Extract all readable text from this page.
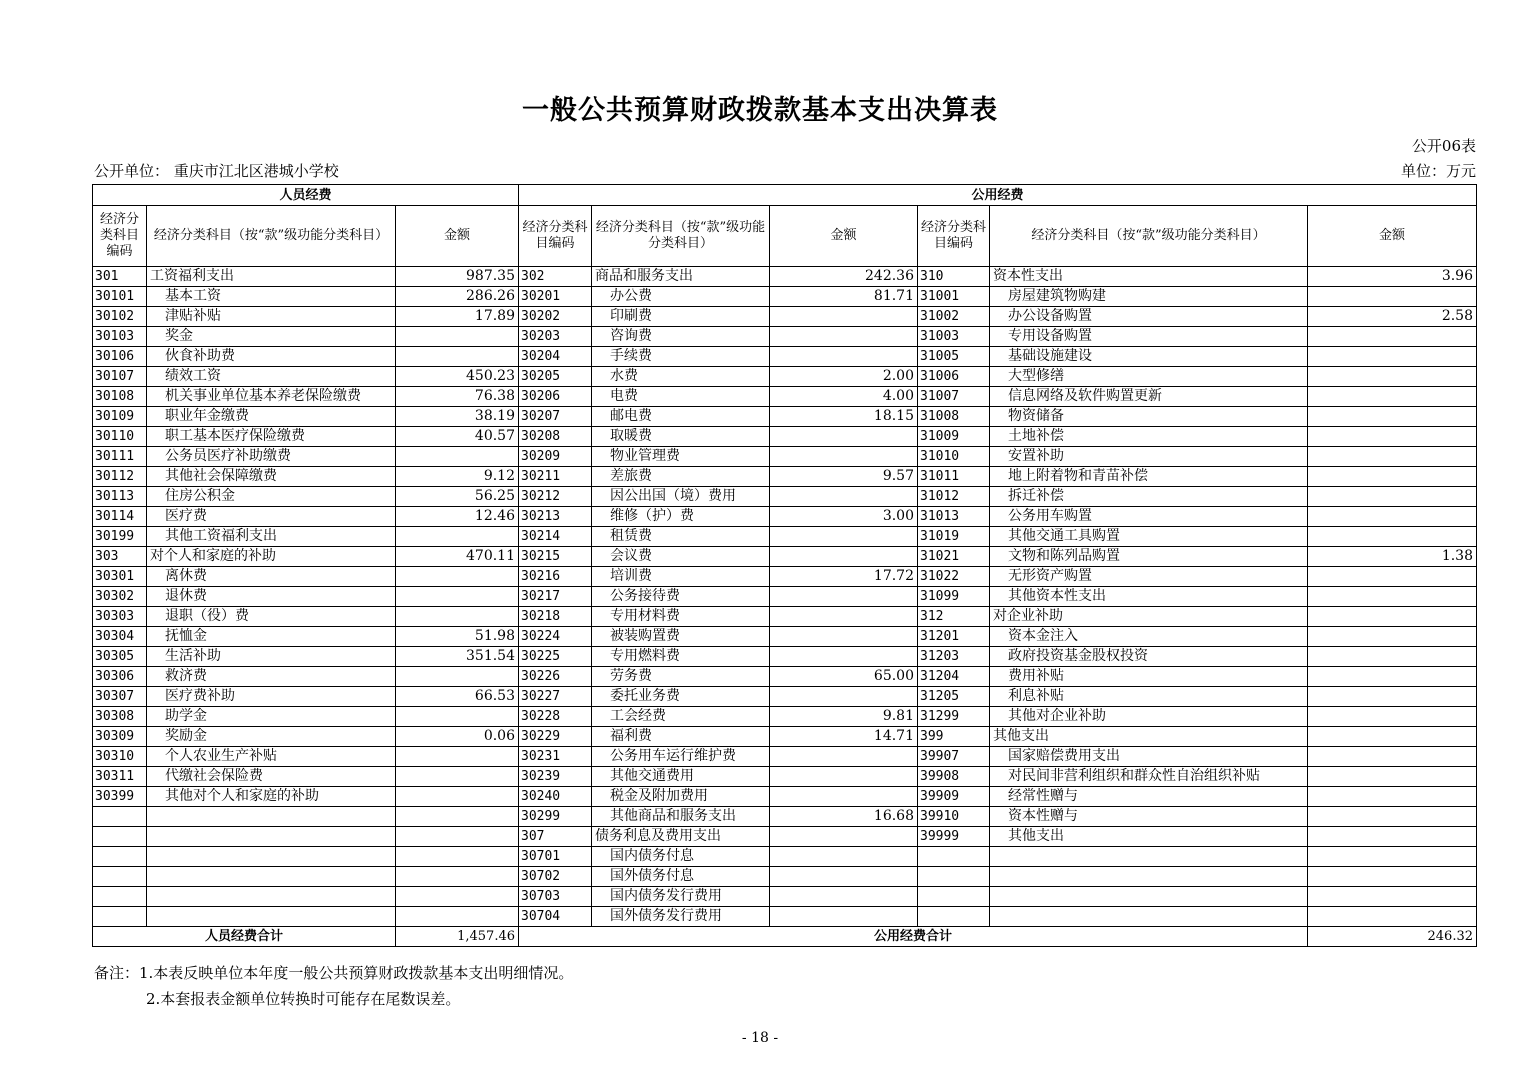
一般公共预算财政拨款基本支出决算表
公开06表
公开单位： 重庆市江北区港城小学校	单位：万元
人员经费			公用经费					
经济分类科目编码	经济分类科目（按“款”级功能分类科目）	金额	经济分类科目编码	经济分类科目（按“款”级功能分类科目）	金额	经济分类科目编码	经济分类科目（按“款”级功能分类科目）	金额
301	工资福利支出	987.35	302	商品和服务支出	242.36	310	资本性支出	3.96
30101	基本工资	286.26	30201	办公费	81.71	31001	房屋建筑物购建	
30102	津贴补贴	17.89	30202	印刷费		31002	办公设备购置	2.58
30103	奖金		30203	咨询费		31003	专用设备购置	
30106	伙食补助费		30204	手续费		31005	基础设施建设	
30107	绩效工资	450.23	30205	水费	2.00	31006	大型修缮	
30108	机关事业单位基本养老保险缴费	76.38	30206	电费	4.00	31007	信息网络及软件购置更新	
30109	职业年金缴费	38.19	30207	邮电费	18.15	31008	物资储备	
30110	职工基本医疗保险缴费	40.57	30208	取暖费		31009	土地补偿	
30111	公务员医疗补助缴费		30209	物业管理费		31010	安置补助	
30112	其他社会保障缴费	9.12	30211	差旅费	9.57	31011	地上附着物和青苗补偿	
30113	住房公积金	56.25	30212	因公出国（境）费用		31012	拆迁补偿	
30114	医疗费	12.46	30213	维修（护）费	3.00	31013	公务用车购置	
30199	其他工资福利支出		30214	租赁费		31019	其他交通工具购置	
303	对个人和家庭的补助	470.11	30215	会议费		31021	文物和陈列品购置	1.38
30301	离休费		30216	培训费	17.72	31022	无形资产购置	
30302	退休费		30217	公务接待费		31099	其他资本性支出	
30303	退职（役）费		30218	专用材料费		312	对企业补助	
30304	抚恤金	51.98	30224	被装购置费		31201	资本金注入	
30305	生活补助	351.54	30225	专用燃料费		31203	政府投资基金股权投资	
30306	救济费		30226	劳务费	65.00	31204	费用补贴	
30307	医疗费补助	66.53	30227	委托业务费		31205	利息补贴	
30308	助学金		30228	工会经费	9.81	31299	其他对企业补助	
30309	奖励金	0.06	30229	福利费	14.71	399	其他支出	
30310	个人农业生产补贴		30231	公务用车运行维护费		39907	国家赔偿费用支出	
30311	代缴社会保险费		30239	其他交通费用		39908	对民间非营利组织和群众性自治组织补贴	
30399	其他对个人和家庭的补助		30240	税金及附加费用		39909	经常性赠与	
			30299	其他商品和服务支出	16.68	39910	资本性赠与	
			307	债务利息及费用支出		39999	其他支出	
			30701	国内债务付息				
			30702	国外债务付息				
			30703	国内债务发行费用				
			30704	国外债务发行费用				
人员经费合计		1,457.46	公用经费合计					246.32
备注：1.本表反映单位本年度一般公共预算财政拨款基本支出明细情况。
2.本套报表金额单位转换时可能存在尾数误差。
- 18 -
